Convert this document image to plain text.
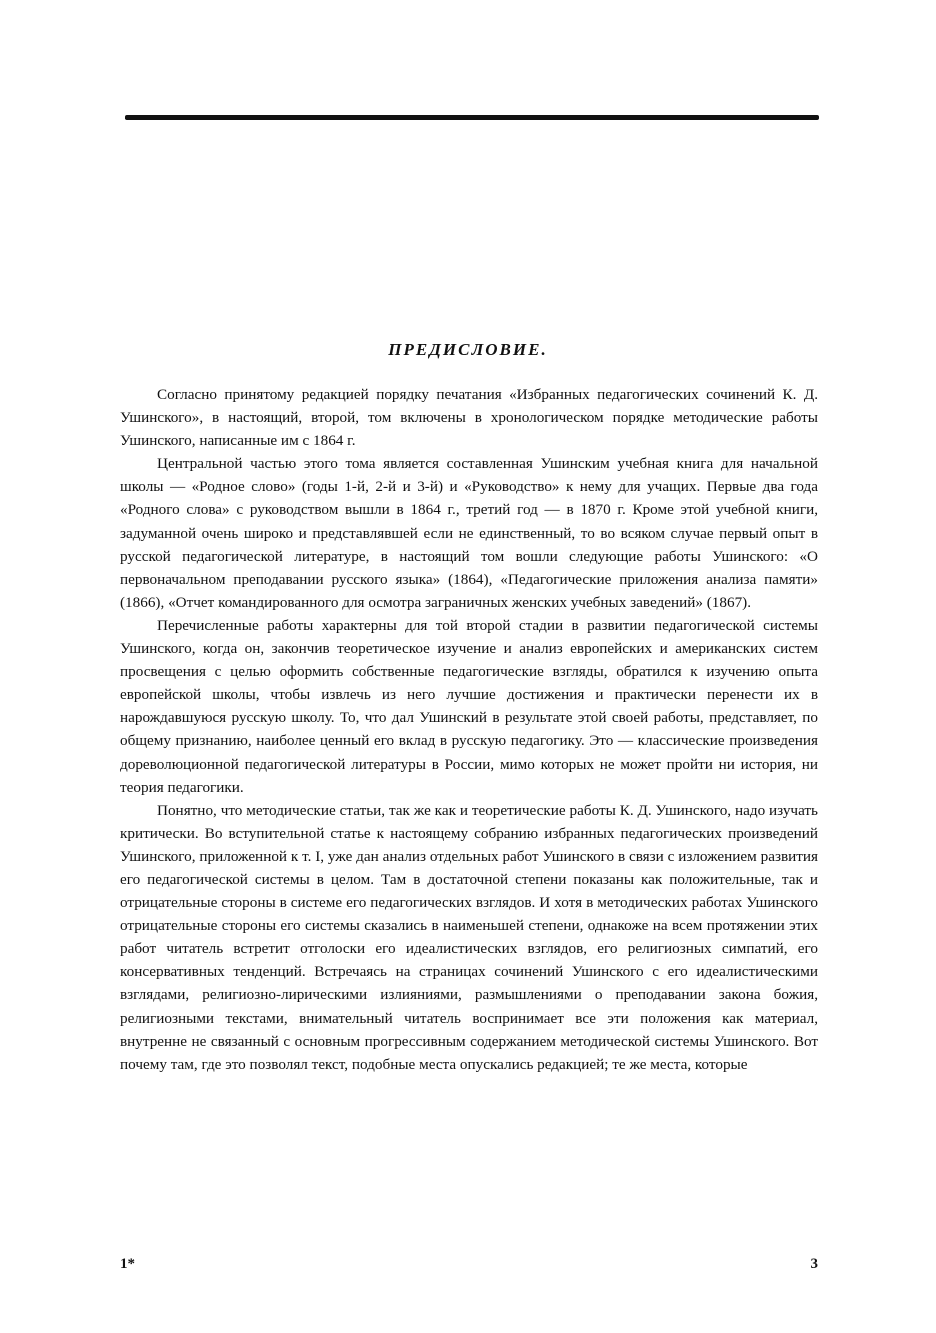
ПРЕДИСЛОВИЕ.

Согласно принятому редакцией порядку печатания «Избранных педагогических сочинений К. Д. Ушинского», в настоящий, второй, том включены в хронологическом порядке методические работы Ушинского, написанные им с 1864 г.

Центральной частью этого тома является составленная Ушинским учебная книга для начальной школы — «Родное слово» (годы 1-й, 2-й и 3-й) и «Руководство» к нему для учащих. Первые два года «Родного слова» с руководством вышли в 1864 г., третий год — в 1870 г. Кроме этой учебной книги, задуманной очень широко и представлявшей если не единственный, то во всяком случае первый опыт в русской педагогической литературе, в настоящий том вошли следующие работы Ушинского: «О первоначальном преподавании русского языка» (1864), «Педагогические приложения анализа памяти» (1866), «Отчет командированного для осмотра заграничных женских учебных заведений» (1867).

Перечисленные работы характерны для той второй стадии в развитии педагогической системы Ушинского, когда он, закончив теоретическое изучение и анализ европейских и американских систем просвещения с целью оформить собственные педагогические взгляды, обратился к изучению опыта европейской школы, чтобы извлечь из него лучшие достижения и практически перенести их в нарождавшуюся русскую школу. То, что дал Ушинский в результате этой своей работы, представляет, по общему признанию, наиболее ценный его вклад в русскую педагогику. Это — классические произведения дореволюционной педагогической литературы в России, мимо которых не может пройти ни история, ни теория педагогики.

Понятно, что методические статьи, так же как и теоретические работы К. Д. Ушинского, надо изучать критически. Во вступительной статье к настоящему собранию избранных педагогических произведений Ушинского, приложенной к т. I, уже дан анализ отдельных работ Ушинского в связи с изложением развития его педагогической системы в целом. Там в достаточной степени показаны как положительные, так и отрицательные стороны в системе его педагогических взглядов. И хотя в методических работах Ушинского отрицательные стороны его системы сказались в наименьшей степени, однакоже на всем протяжении этих работ читатель встретит отголоски его идеалистических взглядов, его религиозных симпатий, его консервативных тенденций. Встречаясь на страницах сочинений Ушинского с его идеалистическими взглядами, религиозно-лирическими излияниями, размышлениями о преподавании закона божия, религиозными текстами, внимательный читатель воспринимает все эти положения как материал, внутренне не связанный с основным прогрессивным содержанием методической системы Ушинского. Вот почему там, где это позволял текст, подобные места опускались редакцией; те же места, которые

1*	3
